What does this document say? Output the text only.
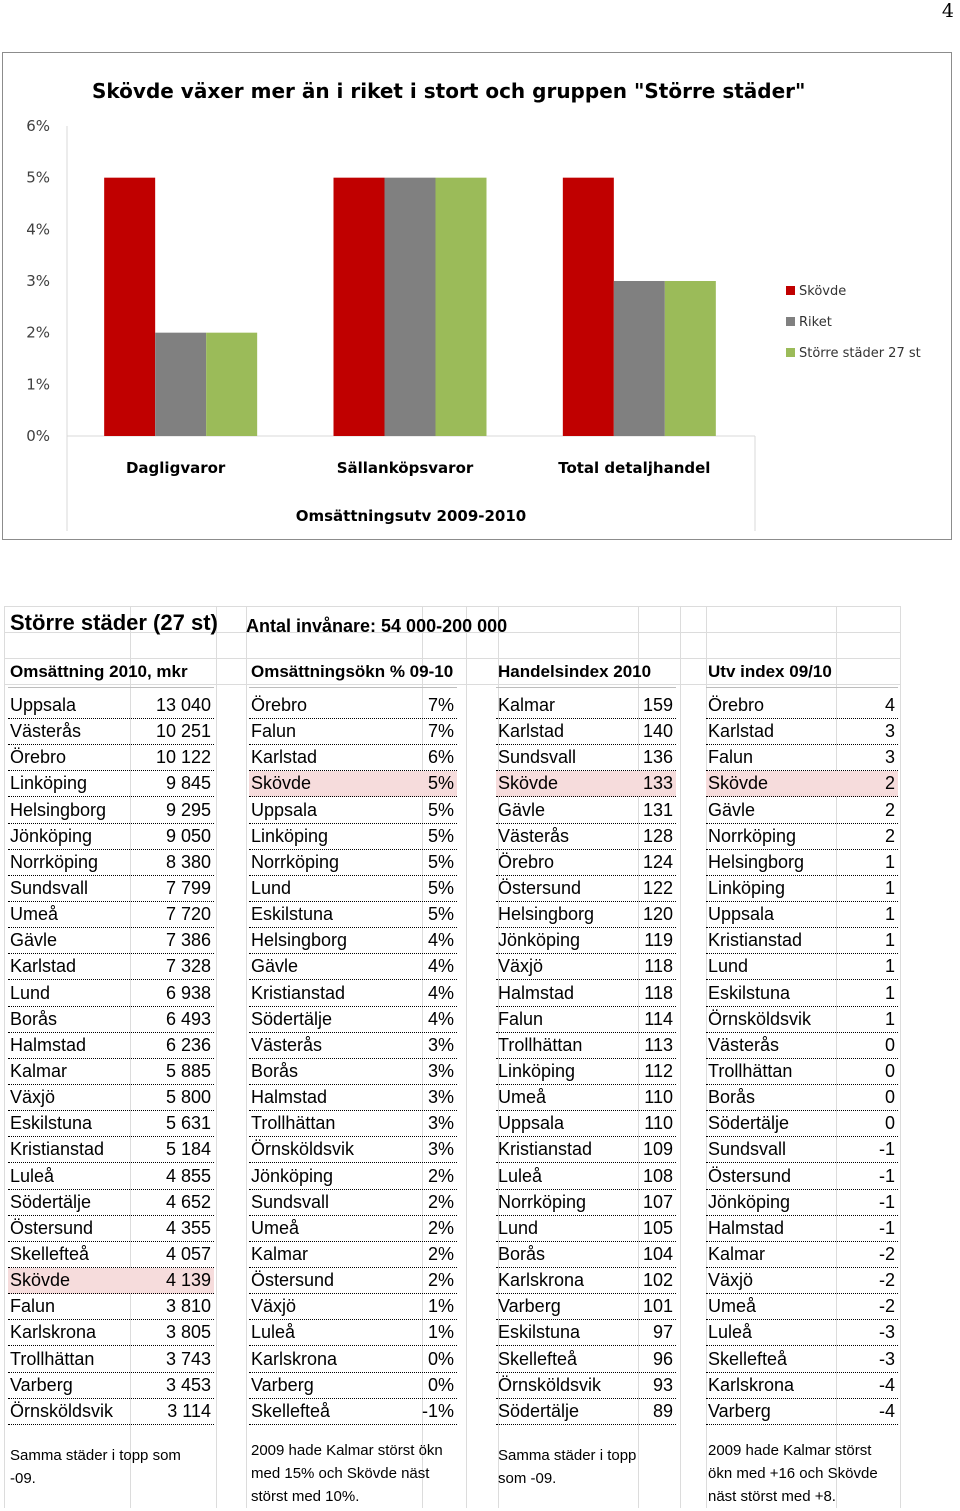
4
Skövde växer mer än i riket i stort och gruppen "Större städer"
0%
1%
2%
3%
4%
5%
6%
Dagligvaror	Sällanköpsvaror	Total detaljhandel
Omsättningsutv 2009-2010
Skövde
Riket
Större städer 27 st
Större städer (27 st) Antal invånare: 54 000-200 000
Omsättning 2010, mkr
Uppsala	13 040
Västerås	10 251
Örebro	10 122
Linköping	9 845
Helsingborg	9 295
Jönköping	9 050
Norrköping	8 380
Sundsvall	7 799
Umeå	7 720
Gävle	7 386
Karlstad	7 328
Lund	6 938
Borås	6 493
Halmstad	6 236
Kalmar	5 885
Växjö	5 800
Eskilstuna	5 631
Kristianstad	5 184
Luleå	4 855
Södertälje	4 652
Östersund	4 355
Skellefteå	4 057
Skövde	4 139
Falun	3 810
Karlskrona	3 805
Trollhättan	3 743
Varberg	3 453
Örnsköldsvik	3 114
Samma städer i topp som -09.
Omsättningsökn % 09-10
Örebro	7%
Falun	7%
Karlstad	6%
Skövde	5%
Uppsala	5%
Linköping	5%
Norrköping	5%
Lund	5%
Eskilstuna	5%
Helsingborg	4%
Gävle	4%
Kristianstad	4%
Södertälje	4%
Västerås	3%
Borås	3%
Halmstad	3%
Trollhättan	3%
Örnsköldsvik	3%
Jönköping	2%
Sundsvall	2%
Umeå	2%
Kalmar	2%
Östersund	2%
Växjö	1%
Luleå	1%
Karlskrona	0%
Varberg	0%
Skellefteå	-1%
2009 hade Kalmar störst ökn med 15% och Skövde näst störst med 10%.
Handelsindex 2010
Kalmar	159
Karlstad	140
Sundsvall	136
Skövde	133
Gävle	131
Västerås	128
Örebro	124
Östersund	122
Helsingborg	120
Jönköping	119
Växjö	118
Halmstad	118
Falun	114
Trollhättan	113
Linköping	112
Umeå	110
Uppsala	110
Kristianstad	109
Luleå	108
Norrköping	107
Lund	105
Borås	104
Karlskrona	102
Varberg	101
Eskilstuna	97
Skellefteå	96
Örnsköldsvik	93
Södertälje	89
Samma städer i topp som -09.
Utv index 09/10
Örebro	4
Karlstad	3
Falun	3
Skövde	2
Gävle	2
Norrköping	2
Helsingborg	1
Linköping	1
Uppsala	1
Kristianstad	1
Lund	1
Eskilstuna	1
Örnsköldsvik	1
Västerås	0
Trollhättan	0
Borås	0
Södertälje	0
Sundsvall	-1
Östersund	-1
Jönköping	-1
Halmstad	-1
Kalmar	-2
Växjö	-2
Umeå	-2
Luleå	-3
Skellefteå	-3
Karlskrona	-4
Varberg	-4
2009 hade Kalmar störst ökn med +16 och Skövde näst störst med +8.
